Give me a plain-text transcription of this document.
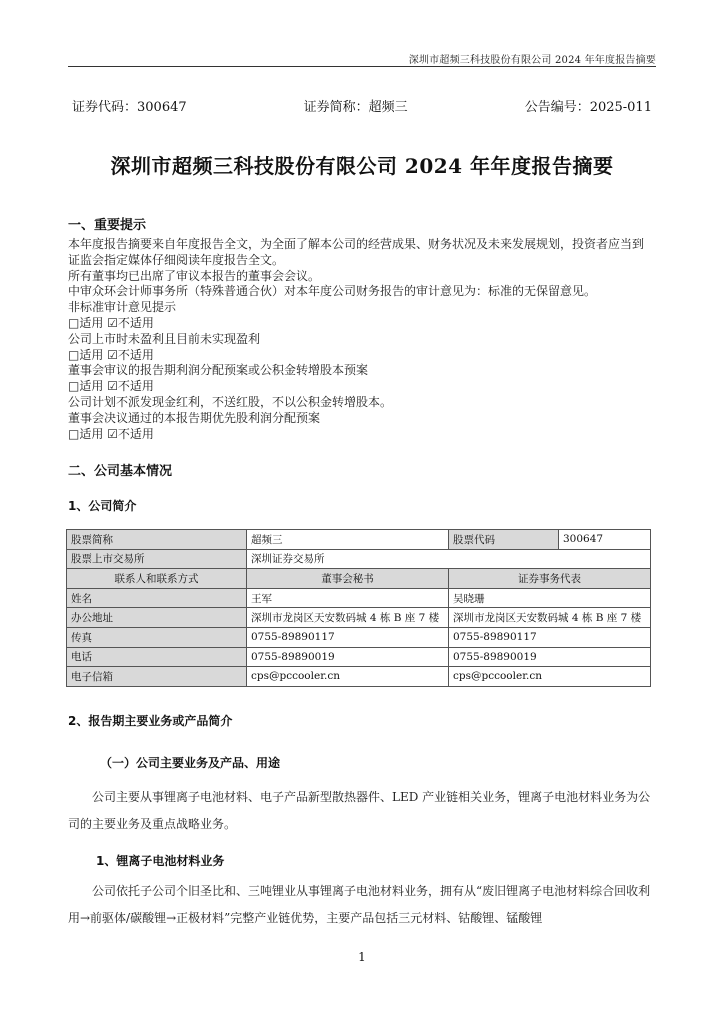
深圳市超频三科技股份有限公司 2024 年年度报告摘要
证券代码：300647	证券简称：超频三	公告编号：2025-011
深圳市超频三科技股份有限公司 2024 年年度报告摘要
一、重要提示

本年度报告摘要来自年度报告全文，为全面了解本公司的经营成果、财务状况及未来发展规划，投资者应当到证监会指定媒体仔细阅读年度报告全文。

所有董事均已出席了审议本报告的董事会会议。

中审众环会计师事务所（特殊普通合伙）对本年度公司财务报告的审计意见为：标准的无保留意见。

非标准审计意见提示

□适用 ☑不适用

公司上市时未盈利且目前未实现盈利

□适用 ☑不适用

董事会审议的报告期利润分配预案或公积金转增股本预案

□适用 ☑不适用

公司计划不派发现金红利，不送红股，不以公积金转增股本。

董事会决议通过的本报告期优先股利润分配预案

□适用 ☑不适用

二、公司基本情况
1、公司简介
股票简称	超频三	股票代码	300647
股票上市交易所	深圳证券交易所		
联系人和联系方式	董事会秘书	证券事务代表	
姓名	王军	吴晓珊	
办公地址	深圳市龙岗区天安数码城 4 栋 B 座 7 楼	深圳市龙岗区天安数码城 4 栋 B 座 7 楼	
传真	0755-89890117	0755-89890117	
电话	0755-89890019	0755-89890019	
电子信箱	cps@pccooler.cn	cps@pccooler.cn	
2、报告期主要业务或产品简介
（一）公司主要业务及产品、用途

公司主要从事锂离子电池材料、电子产品新型散热器件、LED 产业链相关业务，锂离子电池材料业务为公司的主要业务及重点战略业务。

1、锂离子电池材料业务

公司依托子公司个旧圣比和、三吨锂业从事锂离子电池材料业务，拥有从“废旧锂离子电池材料综合回收利用→前驱体/碳酸锂→正极材料”完整产业链优势，主要产品包括三元材料、钴酸锂、锰酸锂

1
